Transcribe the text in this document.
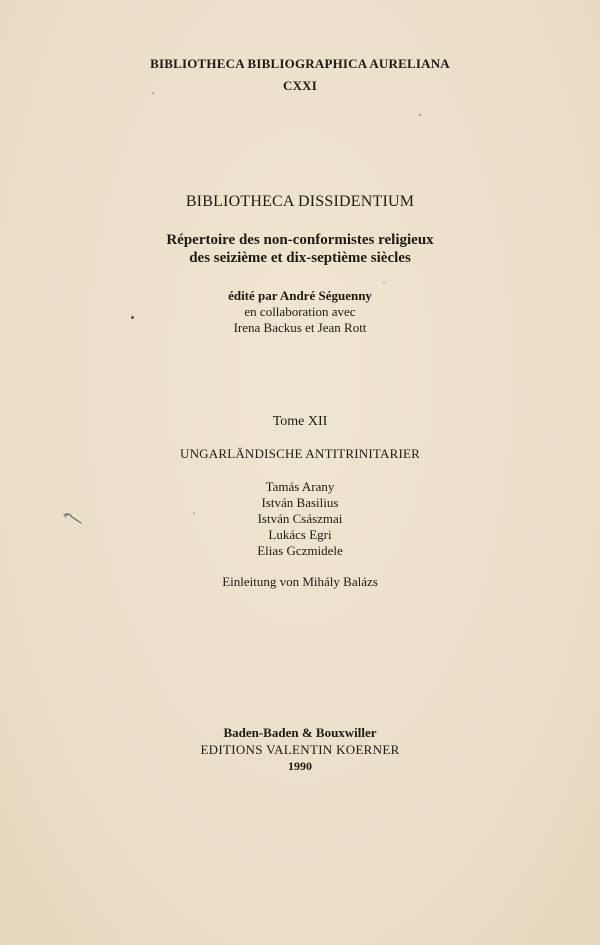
BIBLIOTHECA BIBLIOGRAPHICA AURELIANA
CXXI
BIBLIOTHECA DISSIDENTIUM
Répertoire des non-conformistes religieux
des seizième et dix-septième siècles
édité par André Séguenny
en collaboration avec
Irena Backus et Jean Rott
Tome XII
UNGARLÄNDISCHE ANTITRINITARIER
Tamás Arany
István Basilius
István Császmai
Lukács Egri
Elias Gczmidele
Einleitung von Mihály Balázs
Baden-Baden & Bouxwiller
EDITIONS VALENTIN KOERNER
1990
